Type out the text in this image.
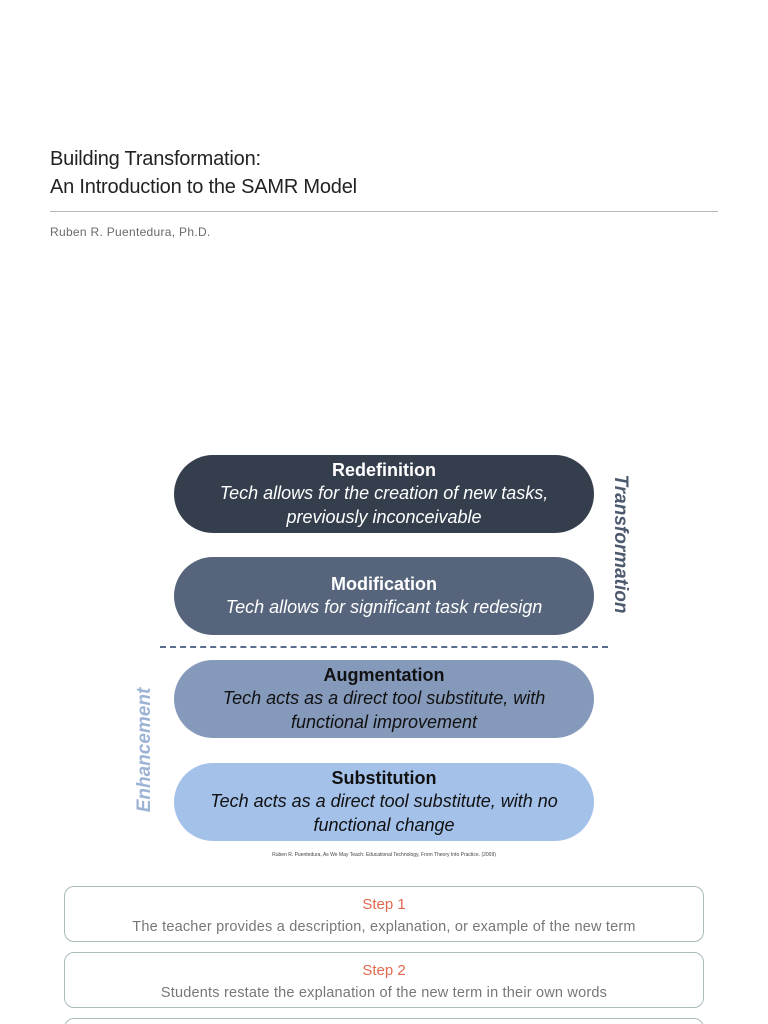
Building Transformation:
An Introduction to the SAMR Model
Ruben R. Puentedura, Ph.D.
Redefinition
Tech allows for the creation of new tasks, previously inconceivable
Modification
Tech allows for significant task redesign
Augmentation
Tech acts as a direct tool substitute, with functional improvement
Substitution
Tech acts as a direct tool substitute, with no functional change
Transformation
Enhancement
Ruben R. Puentedura, As We May Teach: Educational Technology, From Theory Into Practice. (2009)
Step 1
The teacher provides a description, explanation, or example of the new term
Step 2
Students restate the explanation of the new term in their own words
